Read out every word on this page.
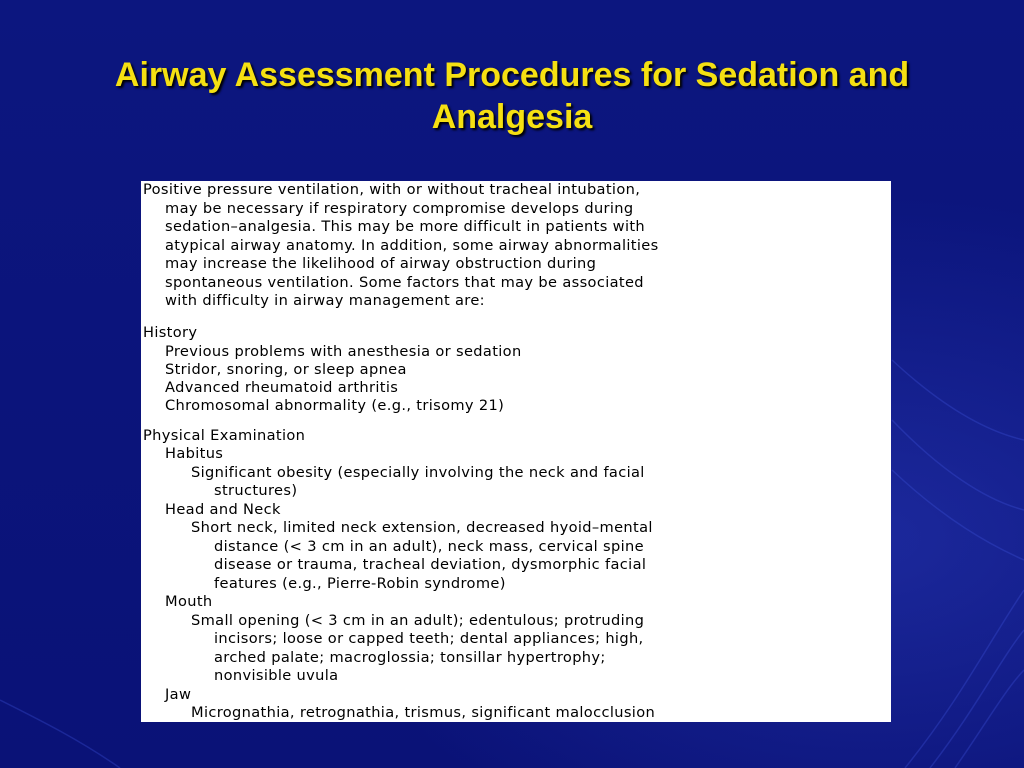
Airway Assessment Procedures for Sedation and
Analgesia
Positive pressure ventilation, with or without tracheal intubation,
may be necessary if respiratory compromise develops during
sedation–analgesia. This may be more difficult in patients with
atypical airway anatomy. In addition, some airway abnormalities
may increase the likelihood of airway obstruction during
spontaneous ventilation. Some factors that may be associated
with difficulty in airway management are:
History
Previous problems with anesthesia or sedation
Stridor, snoring, or sleep apnea
Advanced rheumatoid arthritis
Chromosomal abnormality (e.g., trisomy 21)
Physical Examination
Habitus
Significant obesity (especially involving the neck and facial
structures)
Head and Neck
Short neck, limited neck extension, decreased hyoid–mental
distance (< 3 cm in an adult), neck mass, cervical spine
disease or trauma, tracheal deviation, dysmorphic facial
features (e.g., Pierre-Robin syndrome)
Mouth
Small opening (< 3 cm in an adult); edentulous; protruding
incisors; loose or capped teeth; dental appliances; high,
arched palate; macroglossia; tonsillar hypertrophy;
nonvisible uvula
Jaw
Micrognathia, retrognathia, trismus, significant malocclusion
